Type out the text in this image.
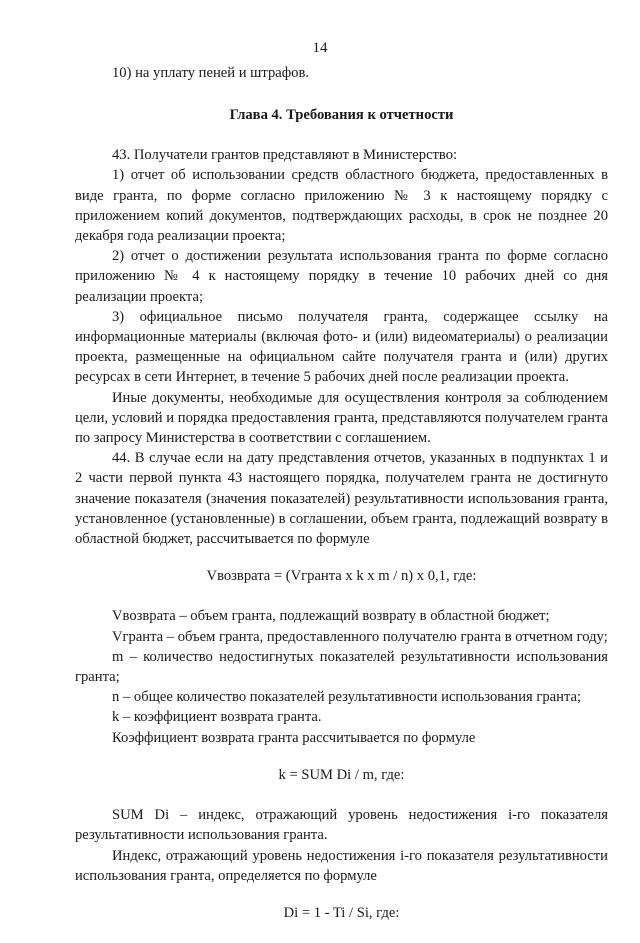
14

10) на уплату пеней и штрафов.

Глава 4. Требования к отчетности

43. Получатели грантов представляют в Министерство:

1) отчет об использовании средств областного бюджета, предоставленных в виде гранта, по форме согласно приложению № 3 к настоящему порядку с приложением копий документов, подтверждающих расходы, в срок не позднее 20 декабря года реализации проекта;

2) отчет о достижении результата использования гранта по форме согласно приложению № 4 к настоящему порядку в течение 10 рабочих дней со дня реализации проекта;

3) официальное письмо получателя гранта, содержащее ссылку на информационные материалы (включая фото- и (или) видеоматериалы) о реализации проекта, размещенные на официальном сайте получателя гранта и (или) других ресурсах в сети Интернет, в течение 5 рабочих дней после реализации проекта.

Иные документы, необходимые для осуществления контроля за соблюдением цели, условий и порядка предоставления гранта, представляются получателем гранта по запросу Министерства в соответствии с соглашением.

44. В случае если на дату представления отчетов, указанных в подпунктах 1 и 2 части первой пункта 43 настоящего порядка, получателем гранта не достигнуто значение показателя (значения показателей) результативности использования гранта, установленное (установленные) в соглашении, объем гранта, подлежащий возврату в областной бюджет, рассчитывается по формуле

Vвозврата = (Vгранта x k x m / n) x 0,1, где:

Vвозврата – объем гранта, подлежащий возврату в областной бюджет;

Vгранта – объем гранта, предоставленного получателю гранта в отчетном году;

m – количество недостигнутых показателей результативности использования гранта;

n – общее количество показателей результативности использования гранта;

k – коэффициент возврата гранта.

Коэффициент возврата гранта рассчитывается по формуле

k = SUM Di / m, где:

SUM Di – индекс, отражающий уровень недостижения i-го показателя результативности использования гранта.

Индекс, отражающий уровень недостижения i-го показателя результативности использования гранта, определяется по формуле

Di = 1 - Ti / Si, где:
